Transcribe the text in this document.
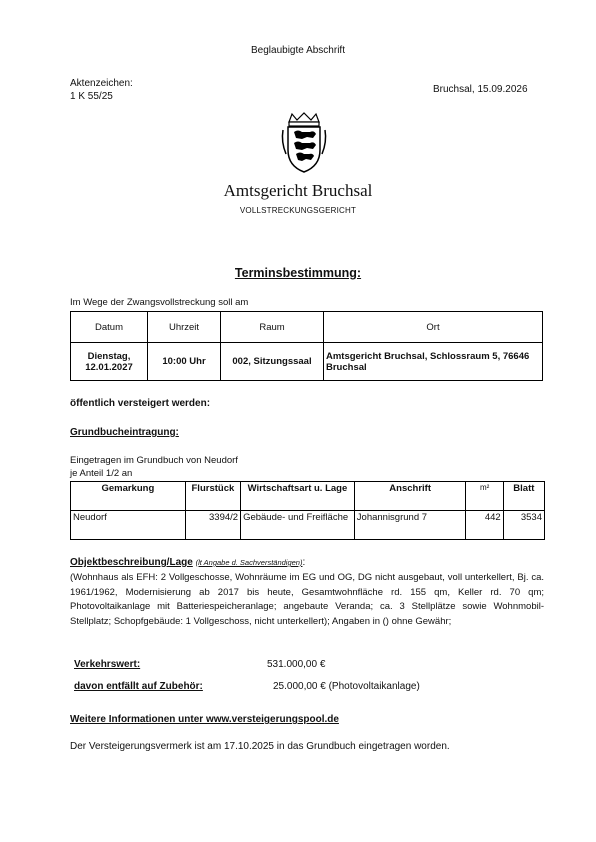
Beglaubigte Abschrift
Aktenzeichen:
1 K 55/25
Bruchsal, 15.09.2026
Amtsgericht Bruchsal
VOLLSTRECKUNGSGERICHT
Terminsbestimmung:
Im Wege der Zwangsvollstreckung soll am
Datum	Uhrzeit	Raum	Ort
Dienstag, 12.01.2027	10:00 Uhr	002, Sitzungssaal	Amtsgericht Bruchsal, Schlossraum 5, 76646 Bruchsal
öffentlich versteigert werden:
Grundbucheintragung:
Eingetragen im Grundbuch von Neudorf
je Anteil 1/2 an
Gemarkung	Flurstück	Wirtschaftsart u. Lage	Anschrift	m²	Blatt
Neudorf	3394/2	Gebäude- und Freifläche	Johannisgrund 7	442	3534
Objektbeschreibung/Lage (lt Angabe d. Sachverständigen):
(Wohnhaus als EFH: 2 Vollgeschosse, Wohnräume im EG und OG, DG nicht ausgebaut, voll unterkellert, Bj. ca. 1961/1962, Modernisierung ab 2017 bis heute, Gesamtwohnfläche rd. 155 qm, Keller rd. 70 qm; Photovoltaikanlage mit Batteriespeicheranlage; angebaute Veranda; ca. 3 Stellplätze sowie Wohnmobil-Stellplatz; Schopfgebäude: 1 Vollgeschoss, nicht unterkellert); Angaben in () ohne Gewähr;
Verkehrswert:	531.000,00 €
davon entfällt auf Zubehör:	25.000,00 € (Photovoltaikanlage)
Weitere Informationen unter www.versteigerungspool.de
Der Versteigerungsvermerk ist am 17.10.2025 in das Grundbuch eingetragen worden.
